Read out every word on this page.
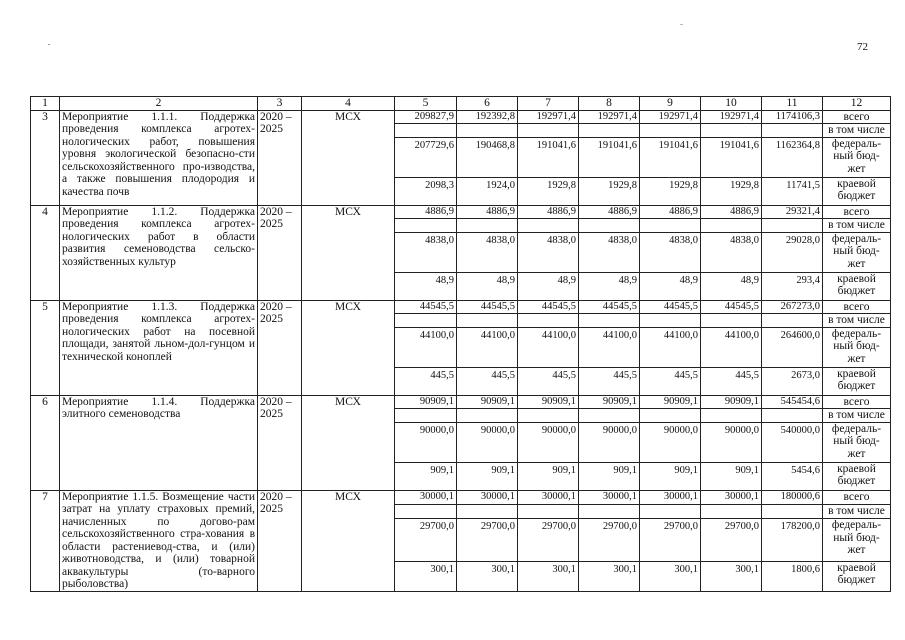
72
1	2	3	4	5	6	7	8	9	10	11	12
3	Мероприятие 1.1.1. Поддержка проведения комплекса агротех-нологических работ, повышения уровня экологической безопасно-сти сельскохозяйственного про-изводства, а также повышения плодородия и качества почв	2020 – 2025	МСХ	209827,9	192392,8	192971,4	192971,4	192971,4	192971,4	1174106,3	всего
											в том числе
				207729,6	190468,8	191041,6	191041,6	191041,6	191041,6	1162364,8	федераль-ный бюд-жет
				2098,3	1924,0	1929,8	1929,8	1929,8	1929,8	11741,5	краевой бюджет
4	Мероприятие 1.1.2. Поддержка проведения комплекса агротех-нологических работ в области развития семеноводства сельско-хозяйственных культур	2020 – 2025	МСХ	4886,9	4886,9	4886,9	4886,9	4886,9	4886,9	29321,4	всего
											в том числе
				4838,0	4838,0	4838,0	4838,0	4838,0	4838,0	29028,0	федераль-ный бюд-жет
				48,9	48,9	48,9	48,9	48,9	48,9	293,4	краевой бюджет
5	Мероприятие 1.1.3. Поддержка проведения комплекса агротех-нологических работ на посевной площади, занятой льном-дол-гунцом и технической коноплей	2020 – 2025	МСХ	44545,5	44545,5	44545,5	44545,5	44545,5	44545,5	267273,0	всего
											в том числе
				44100,0	44100,0	44100,0	44100,0	44100,0	44100,0	264600,0	федераль-ный бюд-жет
				445,5	445,5	445,5	445,5	445,5	445,5	2673,0	краевой бюджет
6	Мероприятие 1.1.4. Поддержка элитного семеноводства	2020 – 2025	МСХ	90909,1	90909,1	90909,1	90909,1	90909,1	90909,1	545454,6	всего
											в том числе
				90000,0	90000,0	90000,0	90000,0	90000,0	90000,0	540000,0	федераль-ный бюд-жет
				909,1	909,1	909,1	909,1	909,1	909,1	5454,6	краевой бюджет
7	Мероприятие 1.1.5. Возмещение части затрат на уплату страховых премий, начисленных по догово-рам сельскохозяйственного стра-хования в области растениевод-ства, и (или) животноводства, и (или) товарной аквакультуры (то-варного рыболовства)	2020 – 2025	МСХ	30000,1	30000,1	30000,1	30000,1	30000,1	30000,1	180000,6	всего
											в том числе
				29700,0	29700,0	29700,0	29700,0	29700,0	29700,0	178200,0	федераль-ный бюд-жет
				300,1	300,1	300,1	300,1	300,1	300,1	1800,6	краевой бюджет
